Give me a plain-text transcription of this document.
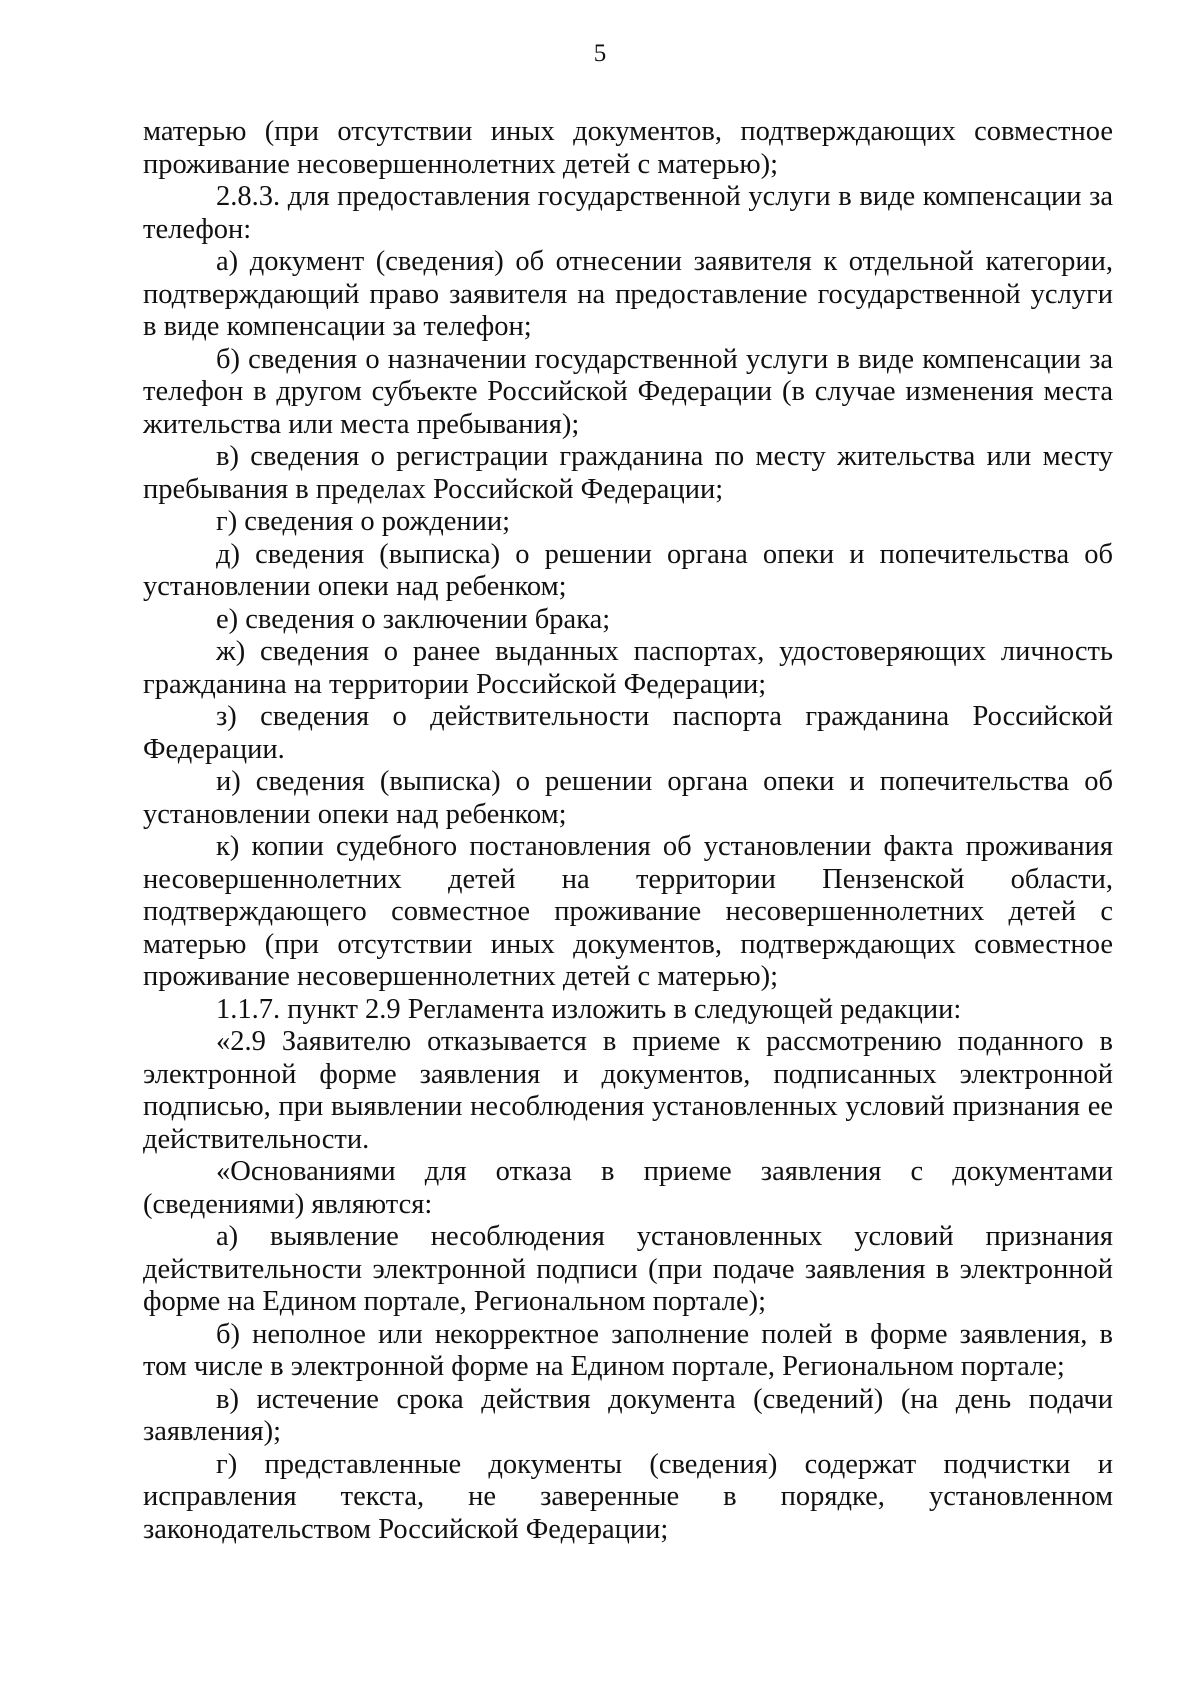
5

матерью (при отсутствии иных документов, подтверждающих совместное проживание несовершеннолетних детей с матерью);

2.8.3. для предоставления государственной услуги в виде компенсации за телефон:

а) документ (сведения) об отнесении заявителя к отдельной категории, подтверждающий право заявителя на предоставление государственной услуги в виде компенсации за телефон;

б) сведения о назначении государственной услуги в виде компенсации за телефон в другом субъекте Российской Федерации (в случае изменения места жительства или места пребывания);

в) сведения о регистрации гражданина по месту жительства или месту пребывания в пределах Российской Федерации;

г) сведения о рождении;

д) сведения (выписка) о решении органа опеки и попечительства об установлении опеки над ребенком;

е) сведения о заключении брака;

ж) сведения о ранее выданных паспортах, удостоверяющих личность гражданина на территории Российской Федерации;

з) сведения о действительности паспорта гражданина Российской Федерации.

и) сведения (выписка) о решении органа опеки и попечительства об установлении опеки над ребенком;

к) копии судебного постановления об установлении факта проживания несовершеннолетних детей на территории Пензенской области, подтверждающего совместное проживание несовершеннолетних детей с матерью (при отсутствии иных документов, подтверждающих совместное проживание несовершеннолетних детей с матерью);

1.1.7. пункт 2.9 Регламента изложить в следующей редакции:

«2.9 Заявителю отказывается в приеме к рассмотрению поданного в электронной форме заявления и документов, подписанных электронной подписью, при выявлении несоблюдения установленных условий признания ее действительности.

«Основаниями для отказа в приеме заявления с документами (сведениями) являются:

а) выявление несоблюдения установленных условий признания действительности электронной подписи (при подаче заявления в электронной форме на Едином портале, Региональном портале);

б) неполное или некорректное заполнение полей в форме заявления, в том числе в электронной форме на Едином портале, Региональном портале;

в) истечение срока действия документа (сведений) (на день подачи заявления);

г) представленные документы (сведения) содержат подчистки и исправления текста, не заверенные в порядке, установленном законодательством Российской Федерации;
